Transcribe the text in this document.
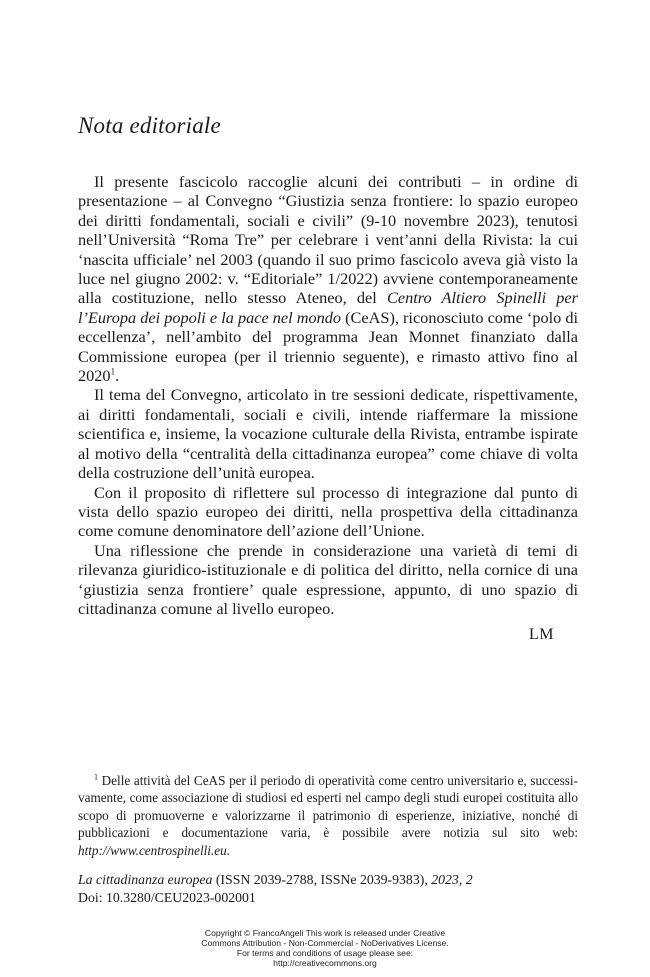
Nota editoriale

Il presente fascicolo raccoglie alcuni dei contributi – in ordine di presentazione – al Convegno “Giustizia senza frontiere: lo spazio europeo dei diritti fondamentali, sociali e civili” (9-10 novembre 2023), tenutosi nell’Università “Roma Tre” per celebrare i vent’anni della Rivista: la cui ‘nascita ufficiale’ nel 2003 (quando il suo primo fascicolo aveva già visto la luce nel giugno 2002: v. “Editoriale” 1/2022) avviene contemporaneamente alla costituzione, nello stesso Ateneo, del Centro Altiero Spinelli per l’Europa dei popoli e la pace nel mondo (CeAS), riconosciuto come ‘polo di eccellenza’, nell’ambito del programma Jean Monnet finanziato dalla Commissione europea (per il triennio seguente), e rimasto attivo fino al 2020$^1$.

Il tema del Convegno, articolato in tre sessioni dedicate, rispettivamente, ai diritti fondamentali, sociali e civili, intende riaffermare la missione scientifica e, insieme, la vocazione culturale della Rivista, entrambe ispirate al motivo della “centralità della cittadinanza europea” come chiave di volta della costruzione dell’unità europea.

Con il proposito di riflettere sul processo di integrazione dal punto di vista dello spazio europeo dei diritti, nella prospettiva della cittadinanza come comune denominatore dell’azione dell’Unione.

Una riflessione che prende in considerazione una varietà di temi di rilevanza giuridico-istituzionale e di politica del diritto, nella cornice di una ‘giustizia senza frontiere’ quale espressione, appunto, di uno spazio di cittadinanza comune al livello europeo.

LM

$^1$ Delle attività del CeAS per il periodo di operatività come centro universitario e, successivamente, come associazione di studiosi ed esperti nel campo degli studi europei costituita allo scopo di promuoverne e valorizzarne il patrimonio di esperienze, iniziative, nonché di pubblicazioni e documentazione varia, è possibile avere notizia sul sito web: http://www.centrospinelli.eu.

La cittadinanza europea (ISSN 2039-2788, ISSNe 2039-9383), 2023, 2
Doi: 10.3280/CEU2023-002001
Copyright © FrancoAngeli This work is released under Creative
Commons Attribution - Non-Commercial - NoDerivatives License.
For terms and conditions of usage please see:
http://creativecommons.org
